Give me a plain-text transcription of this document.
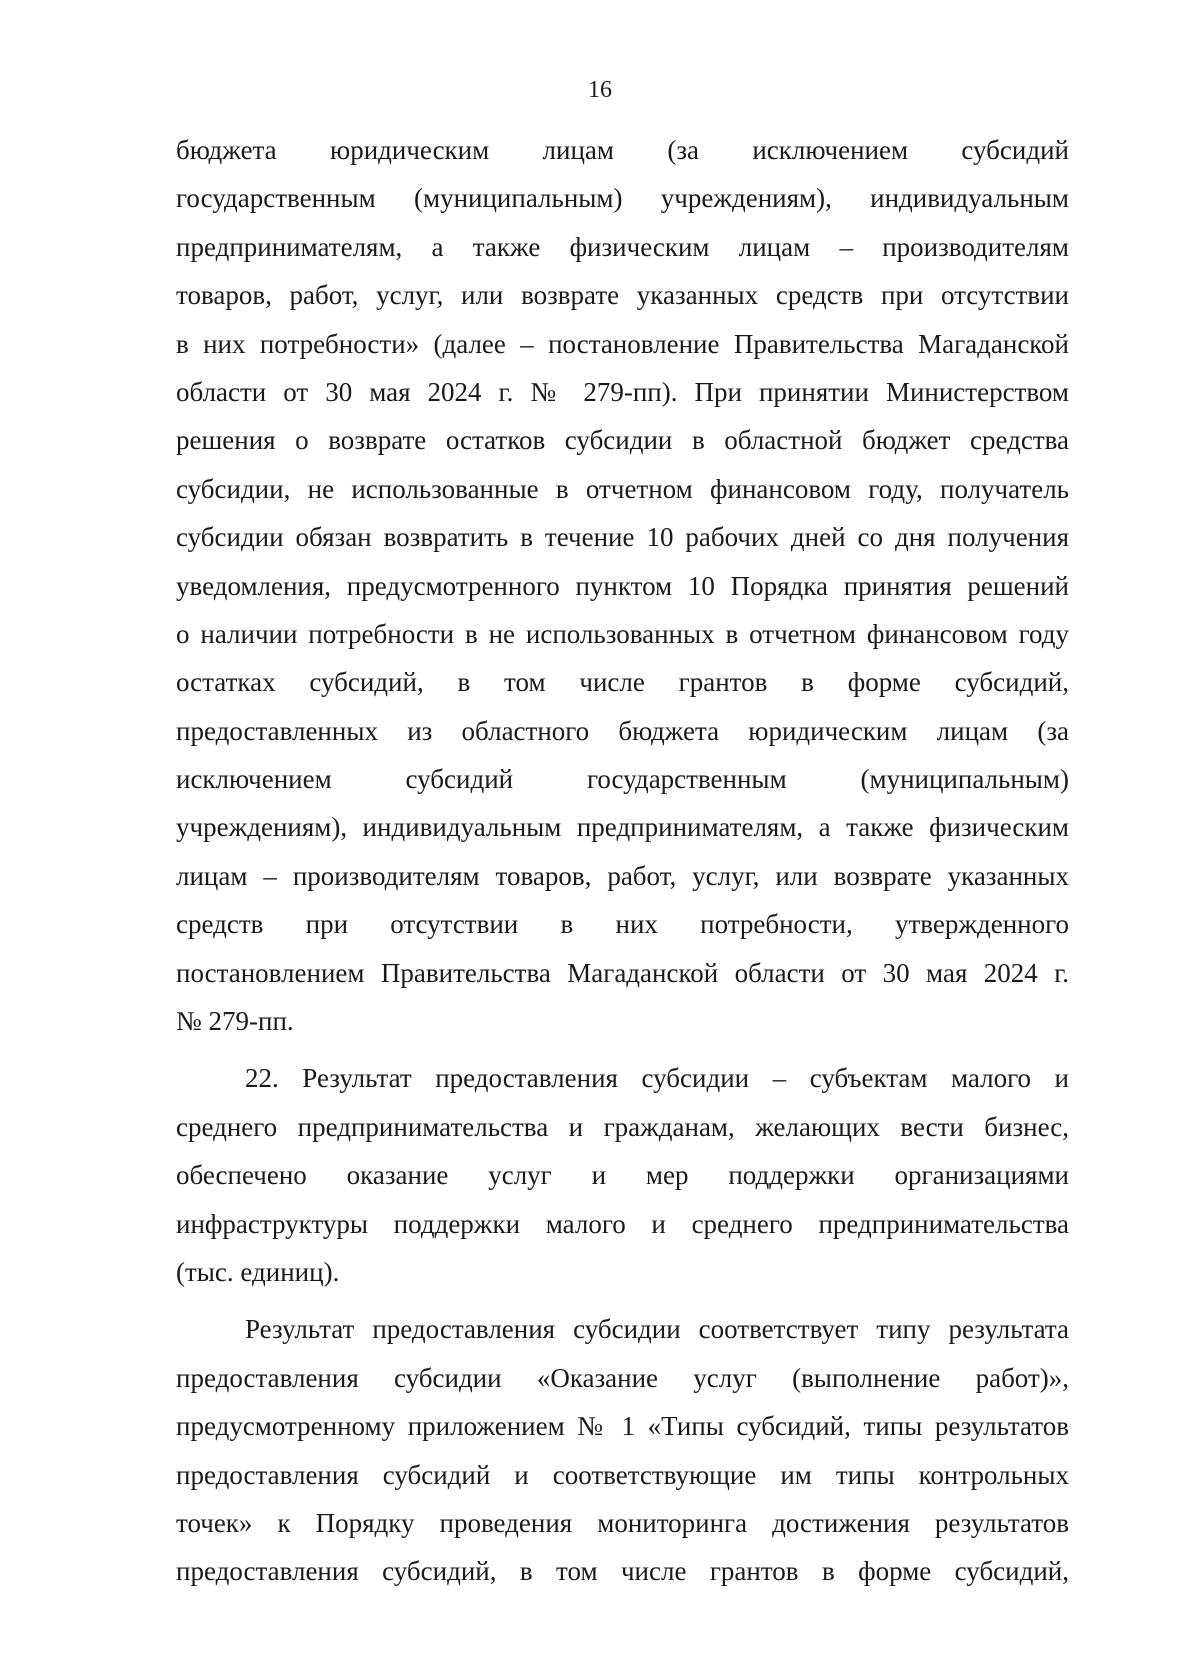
16
бюджета юридическим лицам (за исключением субсидий
государственным (муниципальным) учреждениям), индивидуальным
предпринимателям, а также физическим лицам – производителям
товаров, работ, услуг, или возврате указанных средств при отсутствии
в них потребности» (далее – постановление Правительства Магаданской
области от 30 мая 2024 г. № 279-пп). При принятии Министерством
решения о возврате остатков субсидии в областной бюджет средства
субсидии, не использованные в отчетном финансовом году, получатель
субсидии обязан возвратить в течение 10 рабочих дней со дня получения
уведомления, предусмотренного пунктом 10 Порядка принятия решений
о наличии потребности в не использованных в отчетном финансовом году
остатках субсидий, в том числе грантов в форме субсидий,
предоставленных из областного бюджета юридическим лицам (за
исключением субсидий государственным (муниципальным)
учреждениям), индивидуальным предпринимателям, а также физическим
лицам – производителям товаров, работ, услуг, или возврате указанных
средств при отсутствии в них потребности, утвержденного
постановлением Правительства Магаданской области от 30 мая 2024 г.
№ 279-пп.
22. Результат предоставления субсидии – субъектам малого и
среднего предпринимательства и гражданам, желающих вести бизнес,
обеспечено оказание услуг и мер поддержки организациями
инфраструктуры поддержки малого и среднего предпринимательства
(тыс. единиц).
Результат предоставления субсидии соответствует типу результата
предоставления субсидии «Оказание услуг (выполнение работ)»,
предусмотренному приложением № 1 «Типы субсидий, типы результатов
предоставления субсидий и соответствующие им типы контрольных
точек» к Порядку проведения мониторинга достижения результатов
предоставления субсидий, в том числе грантов в форме субсидий,
